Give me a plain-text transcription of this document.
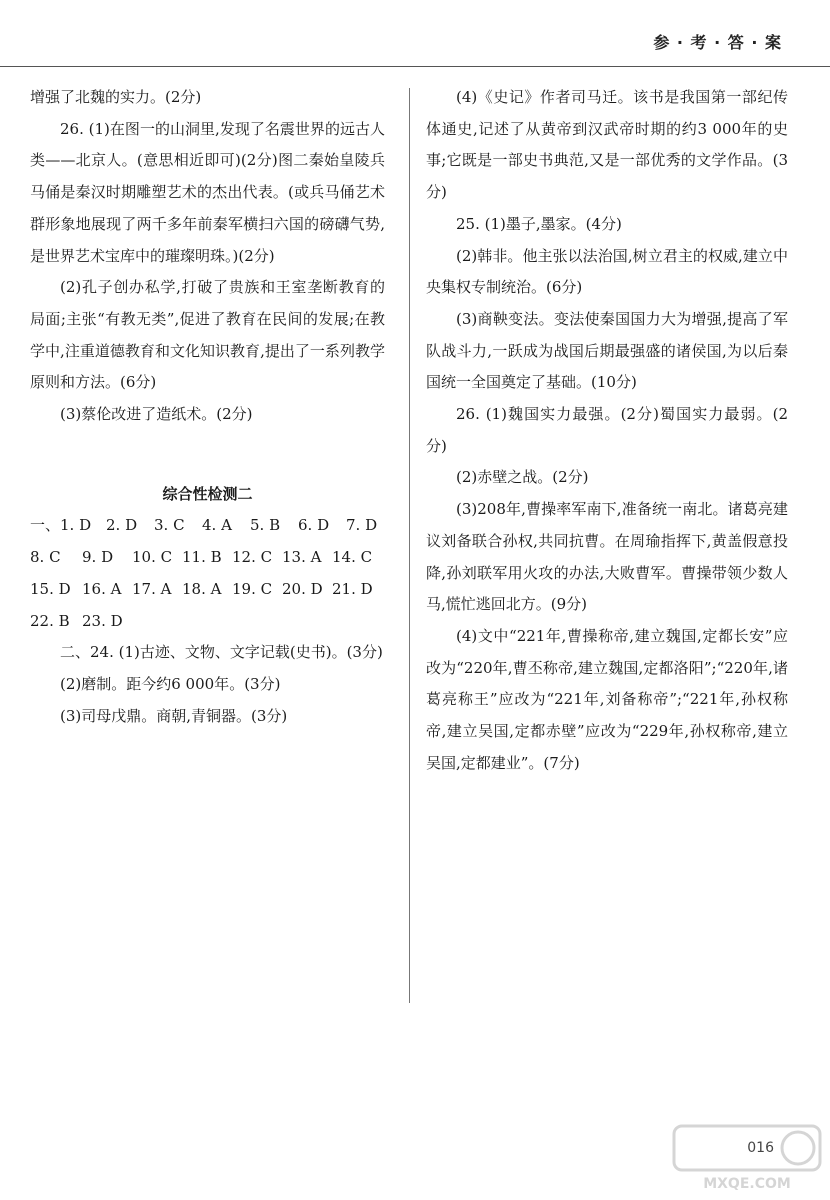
参 · 考 · 答 · 案

增强了北魏的实力。(2分)

26. (1)在图一的山洞里,发现了名震世界的远古人类——北京人。(意思相近即可)(2分)图二秦始皇陵兵马俑是秦汉时期雕塑艺术的杰出代表。(或兵马俑艺术群形象地展现了两千多年前秦军横扫六国的磅礴气势,是世界艺术宝库中的璀璨明珠。)(2分)

(2)孔子创办私学,打破了贵族和王室垄断教育的局面;主张“有教无类”,促进了教育在民间的发展;在教学中,注重道德教育和文化知识教育,提出了一系列教学原则和方法。(6分)

(3)蔡伦改进了造纸术。(2分)

综合性检测二

一、1. D 2. D 3. C 4. A 5. B 6. D 7. D

8. C 9. D 10. C 11. B 12. C 13. A 14. C

15. D 16. A 17. A 18. A 19. C 20. D 21. D

22. B 23. D

二、24. (1)古迹、文物、文字记载(史书)。(3分)

(2)磨制。距今约6 000年。(3分)

(3)司母戊鼎。商朝,青铜器。(3分)

(4)《史记》作者司马迁。该书是我国第一部纪传体通史,记述了从黄帝到汉武帝时期的约3 000年的史事;它既是一部史书典范,又是一部优秀的文学作品。(3分)

25. (1)墨子,墨家。(4分)

(2)韩非。他主张以法治国,树立君主的权威,建立中央集权专制统治。(6分)

(3)商鞅变法。变法使秦国国力大为增强,提高了军队战斗力,一跃成为战国后期最强盛的诸侯国,为以后秦国统一全国奠定了基础。(10分)

26. (1)魏国实力最强。(2分)蜀国实力最弱。(2分)

(2)赤壁之战。(2分)

(3)208年,曹操率军南下,准备统一南北。诸葛亮建议刘备联合孙权,共同抗曹。在周瑜指挥下,黄盖假意投降,孙刘联军用火攻的办法,大败曹军。曹操带领少数人马,慌忙逃回北方。(9分)

(4)文中“221年,曹操称帝,建立魏国,定都长安”应改为“220年,曹丕称帝,建立魏国,定都洛阳”;“220年,诸葛亮称王”应改为“221年,刘备称帝”;“221年,孙权称帝,建立吴国,定都赤壁”应改为“229年,孙权称帝,建立吴国,定都建业”。(7分)

016
MXQE.COM
